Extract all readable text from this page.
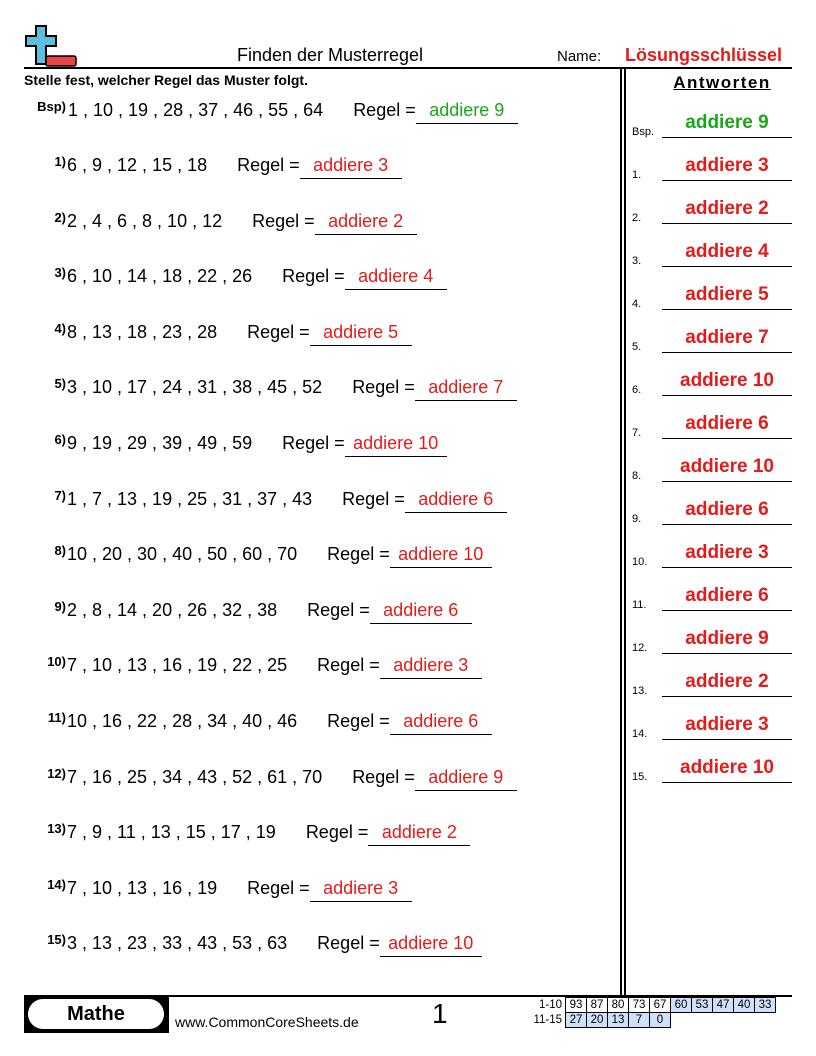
Finden der Musterregel	Name: Lösungsschlüssel
Stelle fest, welcher Regel das Muster folgt.	Antworten
Bsp) 1 , 10 , 19 , 28 , 37 , 46 , 55 , 64 Regel = addiere 9
1) 6 , 9 , 12 , 15 , 18 Regel = addiere 3
2) 2 , 4 , 6 , 8 , 10 , 12 Regel = addiere 2
3) 6 , 10 , 14 , 18 , 22 , 26 Regel = addiere 4
4) 8 , 13 , 18 , 23 , 28 Regel = addiere 5
5) 3 , 10 , 17 , 24 , 31 , 38 , 45 , 52 Regel = addiere 7
6) 9 , 19 , 29 , 39 , 49 , 59 Regel = addiere 10
7) 1 , 7 , 13 , 19 , 25 , 31 , 37 , 43 Regel = addiere 6
8) 10 , 20 , 30 , 40 , 50 , 60 , 70 Regel = addiere 10
9) 2 , 8 , 14 , 20 , 26 , 32 , 38 Regel = addiere 6
10) 7 , 10 , 13 , 16 , 19 , 22 , 25 Regel = addiere 3
11) 10 , 16 , 22 , 28 , 34 , 40 , 46 Regel = addiere 6
12) 7 , 16 , 25 , 34 , 43 , 52 , 61 , 70 Regel = addiere 9
13) 7 , 9 , 11 , 13 , 15 , 17 , 19 Regel = addiere 2
14) 7 , 10 , 13 , 16 , 19 Regel = addiere 3
15) 3 , 13 , 23 , 33 , 43 , 53 , 63 Regel = addiere 10
Bsp.	addiere 9
1.	addiere 3
2.	addiere 2
3.	addiere 4
4.	addiere 5
5.	addiere 7
6.	addiere 10
7.	addiere 6
8.	addiere 10
9.	addiere 6
10.	addiere 3
11.	addiere 6
12.	addiere 9
13.	addiere 2
14.	addiere 3
15.	addiere 10
Mathe	www.CommonCoreSheets.de	1	1-10	93	87	80	73	67	60	53	47	40	33
11-15	27	20	13	7	0					
